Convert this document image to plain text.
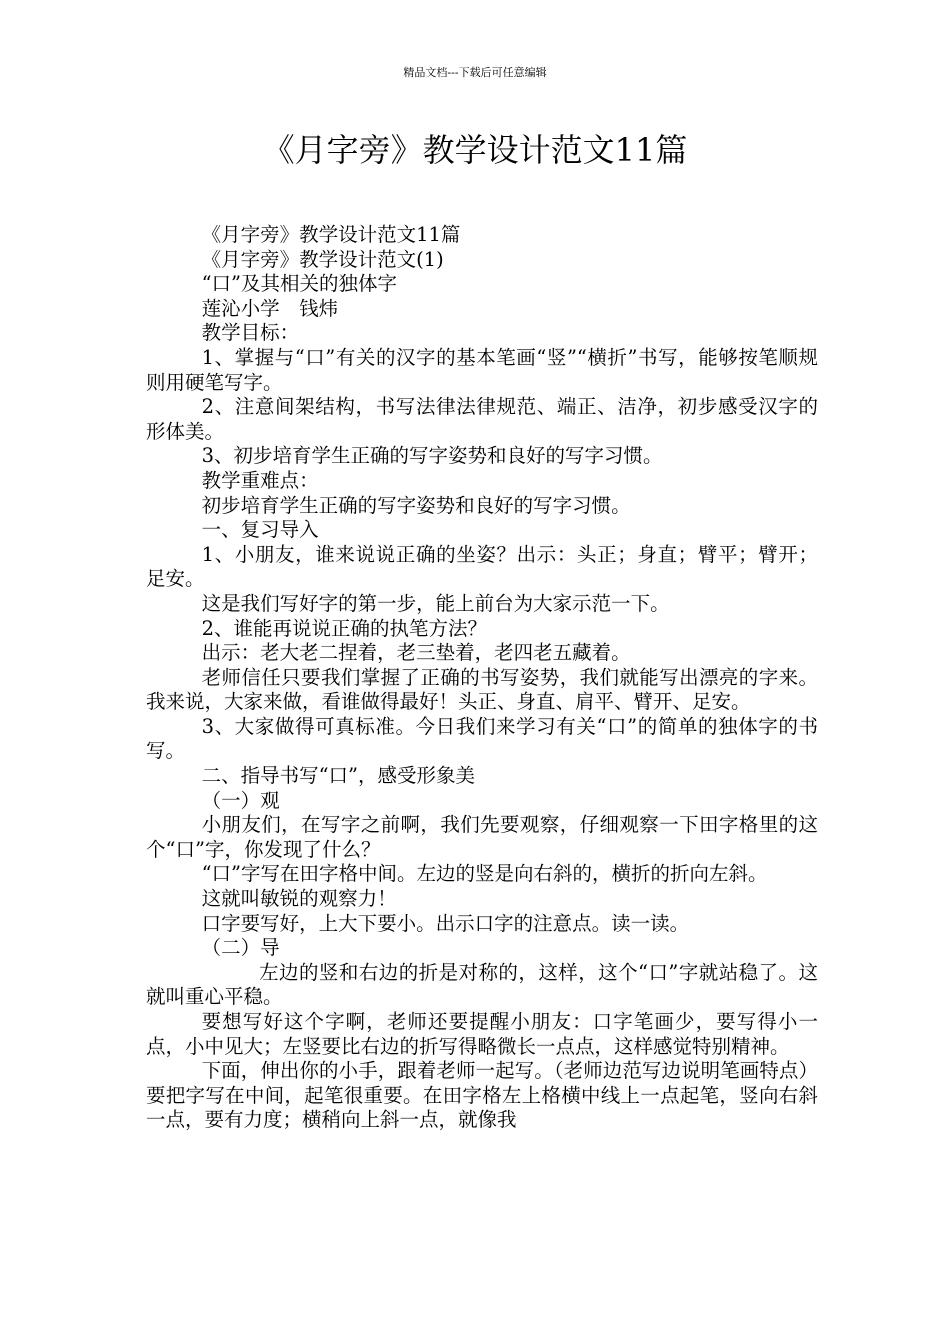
精品文档---下载后可任意编辑
《月字旁》教学设计范文11篇

《月字旁》教学设计范文11篇

《月字旁》教学设计范文(1)

“口”及其相关的独体字

莲沁小学　钱炜

教学目标：

1、掌握与“口”有关的汉字的基本笔画“竖”“横折”书写，能够按笔顺规则用硬笔写字。

2、注意间架结构，书写法律法律规范、端正、洁净，初步感受汉字的形体美。

3、初步培育学生正确的写字姿势和良好的写字习惯。

教学重难点：

初步培育学生正确的写字姿势和良好的写字习惯。

一、复习导入

1、小朋友，谁来说说正确的坐姿？出示：头正；身直；臂平；臂开；足安。

这是我们写好字的第一步，能上前台为大家示范一下。

2、谁能再说说正确的执笔方法？

出示：老大老二捏着，老三垫着，老四老五藏着。

老师信任只要我们掌握了正确的书写姿势，我们就能写出漂亮的字来。我来说，大家来做，看谁做得最好！头正、身直、肩平、臂开、足安。

3、大家做得可真标准。今日我们来学习有关“口”的简单的独体字的书写。

二、指导书写“口”，感受形象美

（一）观

小朋友们，在写字之前啊，我们先要观察，仔细观察一下田字格里的这个“口”字，你发现了什么？

“口”字写在田字格中间。左边的竖是向右斜的，横折的折向左斜。

这就叫敏锐的观察力！

口字要写好，上大下要小。出示口字的注意点。读一读。

（二）导

左边的竖和右边的折是对称的，这样，这个“口”字就站稳了。这就叫重心平稳。

要想写好这个字啊，老师还要提醒小朋友：口字笔画少，要写得小一点，小中见大；左竖要比右边的折写得略微长一点点，这样感觉特别精神。

下面，伸出你的小手，跟着老师一起写。（老师边范写边说明笔画特点）要把字写在中间，起笔很重要。在田字格左上格横中线上一点起笔，竖向右斜一点，要有力度；横稍向上斜一点，就像我
